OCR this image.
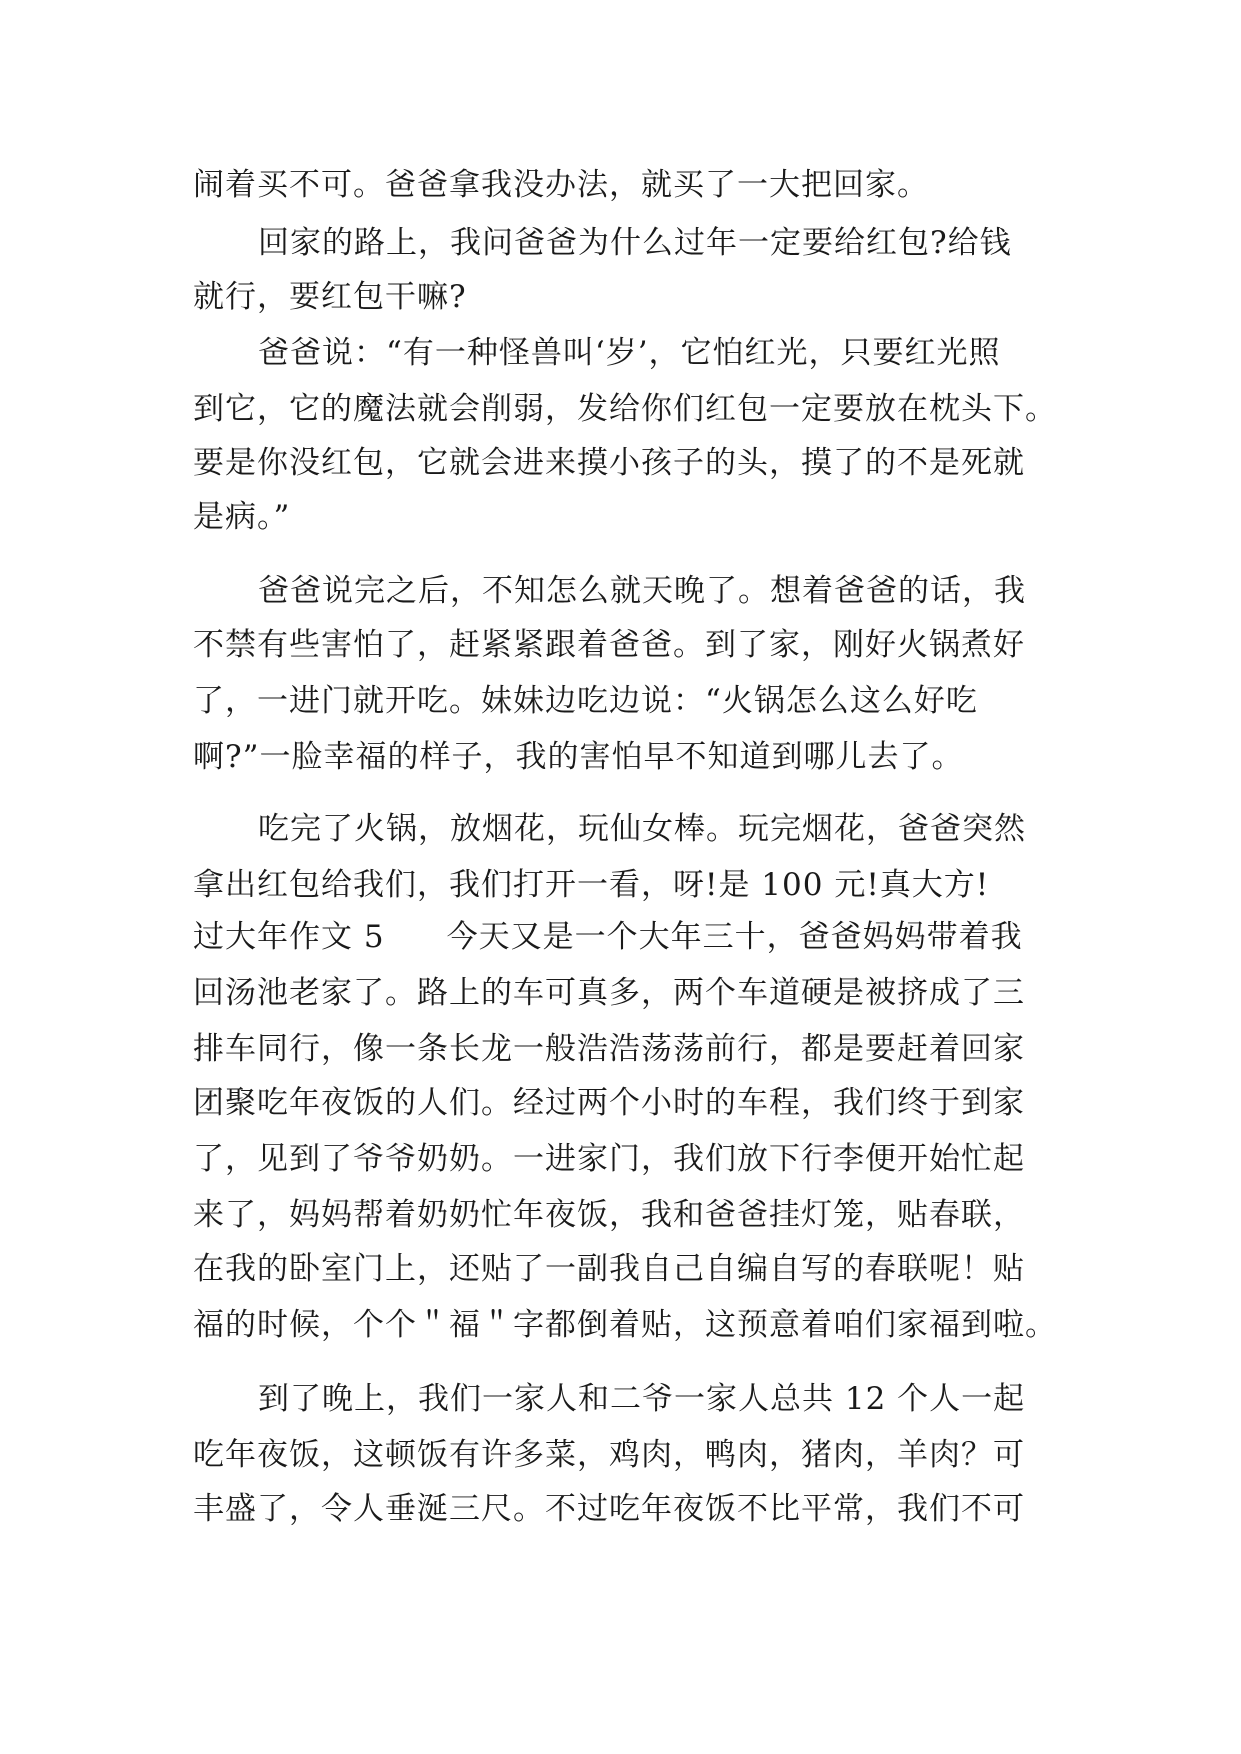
闹着买不可。爸爸拿我没办法，就买了一大把回家。
回家的路上，我问爸爸为什么过年一定要给红包?给钱
就行，要红包干嘛?
爸爸说：“有一种怪兽叫‘岁’，它怕红光，只要红光照
到它，它的魔法就会削弱，发给你们红包一定要放在枕头下。
要是你没红包，它就会进来摸小孩子的头，摸了的不是死就
是病。”
爸爸说完之后，不知怎么就天晚了。想着爸爸的话，我
不禁有些害怕了，赶紧紧跟着爸爸。到了家，刚好火锅煮好
了，一进门就开吃。妹妹边吃边说：“火锅怎么这么好吃
啊?”一脸幸福的样子，我的害怕早不知道到哪儿去了。
吃完了火锅，放烟花，玩仙女棒。玩完烟花，爸爸突然
拿出红包给我们，我们打开一看，呀!是 100 元!真大方!
过大年作文 5 今天又是一个大年三十，爸爸妈妈带着我
回汤池老家了。路上的车可真多，两个车道硬是被挤成了三
排车同行，像一条长龙一般浩浩荡荡前行，都是要赶着回家
团聚吃年夜饭的人们。经过两个小时的车程，我们终于到家
了，见到了爷爷奶奶。一进家门，我们放下行李便开始忙起
来了，妈妈帮着奶奶忙年夜饭，我和爸爸挂灯笼，贴春联，
在我的卧室门上，还贴了一副我自己自编自写的春联呢！贴
福的时候，个个＂福＂字都倒着贴，这预意着咱们家福到啦。
到了晚上，我们一家人和二爷一家人总共 12 个人一起
吃年夜饭，这顿饭有许多菜，鸡肉，鸭肉，猪肉，羊肉？可
丰盛了，令人垂涎三尺。不过吃年夜饭不比平常，我们不可
